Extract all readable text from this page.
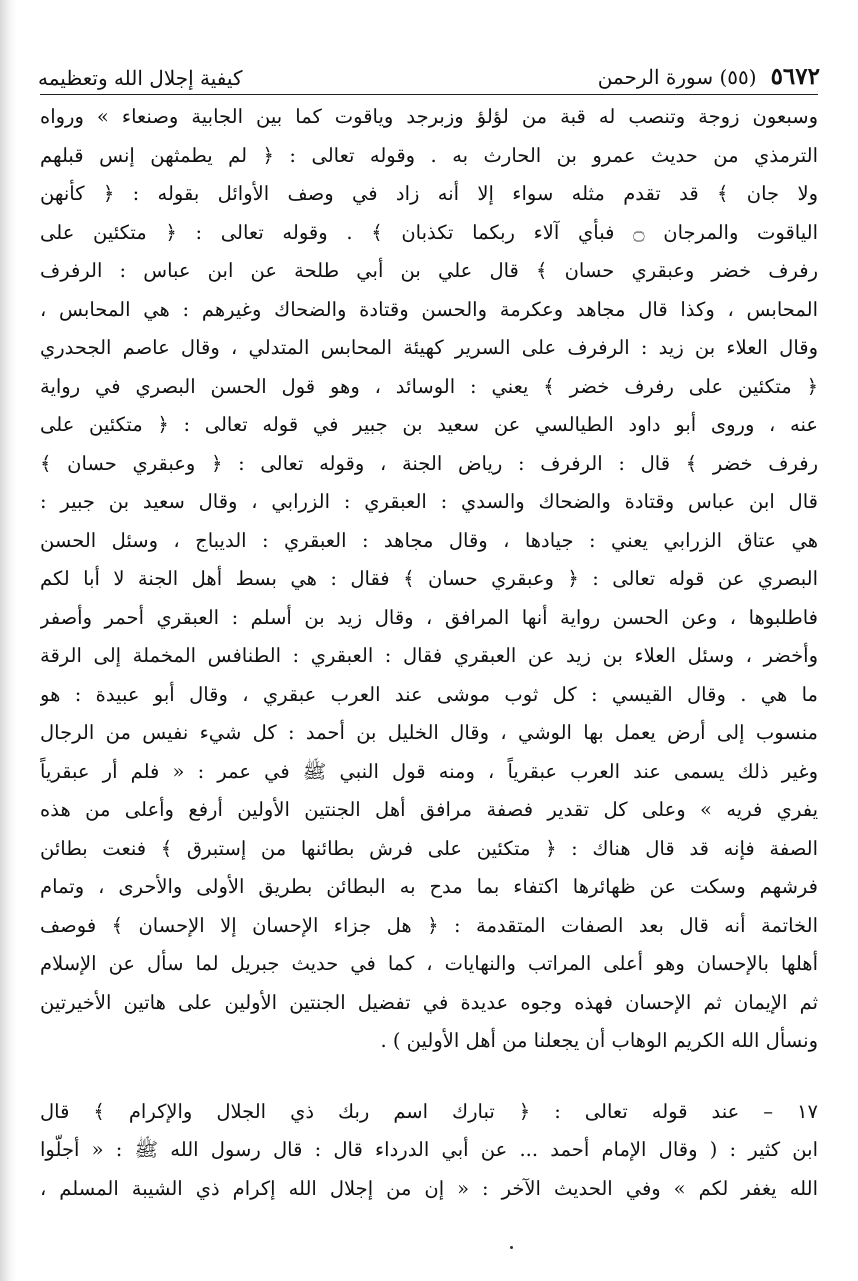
٥٦٧٢
(٥٥) سورة الرحمن
كيفية إجلال الله وتعظيمه
وسبعون زوجة وتنصب له قبة من لؤلؤ وزبرجد وياقوت كما بين الجابية وصنعاء » ورواه
الترمذي من حديث عمرو بن الحارث به . وقوله تعالى : ﴿ لم يطمثهن إنس قبلهم
ولا جان ﴾ قد تقدم مثله سواء إلا أنه زاد في وصف الأوائل بقوله : ﴿ كأنهن
الياقوت والمرجان ۝ فبأي آلاء ربكما تكذبان ﴾ . وقوله تعالى : ﴿ متكئين على
رفرف خضر وعبقري حسان ﴾ قال علي بن أبي طلحة عن ابن عباس : الرفرف
المحابس ، وكذا قال مجاهد وعكرمة والحسن وقتادة والضحاك وغيرهم : هي المحابس ،
وقال العلاء بن زيد : الرفرف على السرير كهيئة المحابس المتدلي ، وقال عاصم الجحدري
﴿ متكئين على رفرف خضر ﴾ يعني : الوسائد ، وهو قول الحسن البصري في رواية
عنه ، وروى أبو داود الطيالسي عن سعيد بن جبير في قوله تعالى : ﴿ متكئين على
رفرف خضر ﴾ قال : الرفرف : رياض الجنة ، وقوله تعالى : ﴿ وعبقري حسان ﴾
قال ابن عباس وقتادة والضحاك والسدي : العبقري : الزرابي ، وقال سعيد بن جبير :
هي عتاق الزرابي يعني : جيادها ، وقال مجاهد : العبقري : الديباج ، وسئل الحسن
البصري عن قوله تعالى : ﴿ وعبقري حسان ﴾ فقال : هي بسط أهل الجنة لا أبا لكم
فاطلبوها ، وعن الحسن رواية أنها المرافق ، وقال زيد بن أسلم : العبقري أحمر وأصفر
وأخضر ، وسئل العلاء بن زيد عن العبقري فقال : العبقري : الطنافس المخملة إلى الرقة
ما هي . وقال القيسي : كل ثوب موشى عند العرب عبقري ، وقال أبو عبيدة : هو
منسوب إلى أرض يعمل بها الوشي ، وقال الخليل بن أحمد : كل شيء نفيس من الرجال
وغير ذلك يسمى عند العرب عبقرياً ، ومنه قول النبي ﷺ في عمر : « فلم أر عبقرياً
يفري فريه » وعلى كل تقدير فصفة مرافق أهل الجنتين الأولين أرفع وأعلى من هذه
الصفة فإنه قد قال هناك : ﴿ متكئين على فرش بطائنها من إستبرق ﴾ فنعت بطائن
فرشهم وسكت عن ظهائرها اكتفاء بما مدح به البطائن بطريق الأولى والأحرى ، وتمام
الخاتمة أنه قال بعد الصفات المتقدمة : ﴿ هل جزاء الإحسان إلا الإحسان ﴾ فوصف
أهلها بالإحسان وهو أعلى المراتب والنهايات ، كما في حديث جبريل لما سأل عن الإسلام
ثم الإيمان ثم الإحسان فهذه وجوه عديدة في تفضيل الجنتين الأولين على هاتين الأخيرتين
ونسأل الله الكريم الوهاب أن يجعلنا من أهل الأولين ) .
١٧ – عند قوله تعالى : ﴿ تبارك اسم ربك ذي الجلال والإكرام ﴾ قال
ابن كثير : ( وقال الإمام أحمد ... عن أبي الدرداء قال : قال رسول الله ﷺ : « أجلّوا
الله يغفر لكم » وفي الحديث الآخر : « إن من إجلال الله إكرام ذي الشيبة المسلم ،
